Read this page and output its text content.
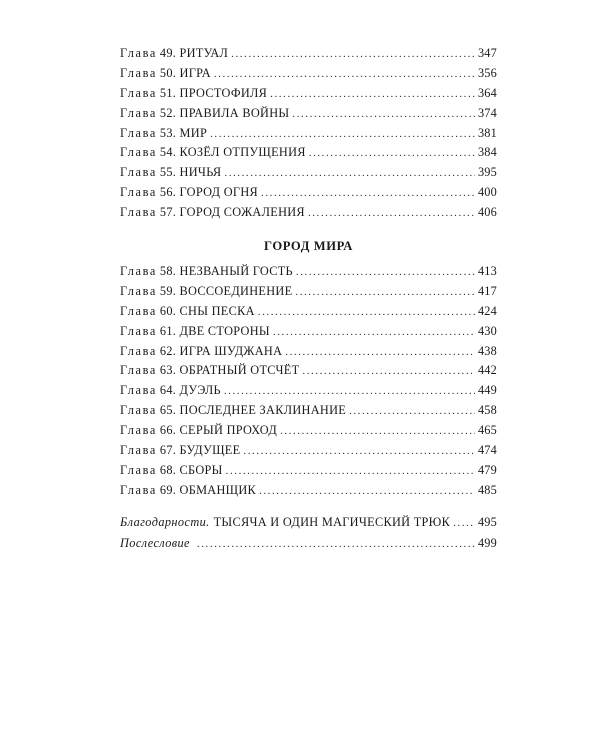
Глава 49. РИТУАЛ . . .	347
Глава 50. ИГРА . . .	356
Глава 51. ПРОСТОФИЛЯ . . .	364
Глава 52. ПРАВИЛА ВОЙНЫ . . .	374
Глава 53. МИР . . .	381
Глава 54. КОЗЁЛ ОТПУЩЕНИЯ . . .	384
Глава 55. НИЧЬЯ . . .	395
Глава 56. ГОРОД ОГНЯ . . .	400
Глава 57. ГОРОД СОЖАЛЕНИЯ . . .	406
ГОРОД МИРА
Глава 58. НЕЗВАНЫЙ ГОСТЬ . . .	413
Глава 59. ВОССОЕДИНЕНИЕ . . .	417
Глава 60. СНЫ ПЕСКА . . .	424
Глава 61. ДВЕ СТОРОНЫ . . .	430
Глава 62. ИГРА ШУДЖАНА . . .	438
Глава 63. ОБРАТНЫЙ ОТСЧЁТ . . .	442
Глава 64. ДУЭЛЬ . . .	449
Глава 65. ПОСЛЕДНЕЕ ЗАКЛИНАНИЕ . . .	458
Глава 66. СЕРЫЙ ПРОХОД . . .	465
Глава 67. БУДУЩЕЕ . . .	474
Глава 68. СБОРЫ . . .	479
Глава 69. ОБМАНЩИК . . .	485
Благодарности. ТЫСЯЧА И ОДИН МАГИЧЕСКИЙ ТРЮК . . . 495
Послесловие . . .	499
